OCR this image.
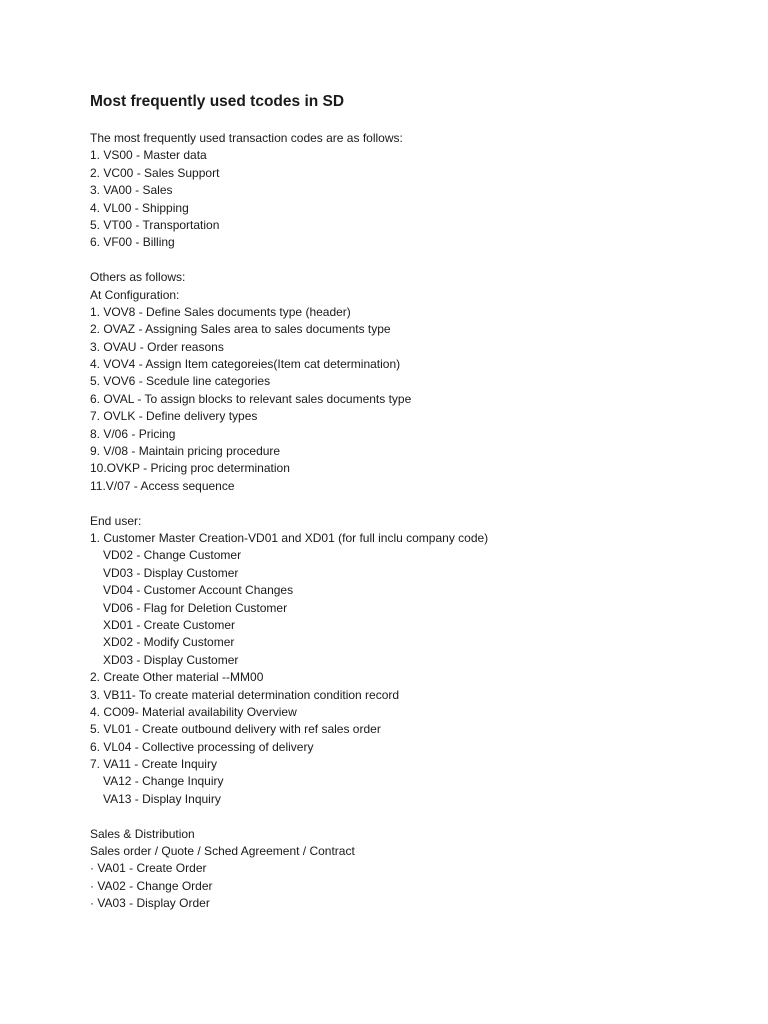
Most frequently used tcodes in SD
The most frequently used transaction codes are as follows:
1. VS00 - Master data
2. VC00 - Sales Support
3. VA00 - Sales
4. VL00 - Shipping
5. VT00 - Transportation
6. VF00 - Billing
Others as follows:
At Configuration:
1. VOV8 - Define Sales documents type (header)
2. OVAZ - Assigning Sales area to sales documents type
3. OVAU - Order reasons
4. VOV4 - Assign Item categoreies(Item cat determination)
5. VOV6 - Scedule line categories
6. OVAL - To assign blocks to relevant sales documents type
7. OVLK - Define delivery types
8. V/06 - Pricing
9. V/08 - Maintain pricing procedure
10.OVKP - Pricing proc determination
11.V/07 - Access sequence
End user:
1. Customer Master Creation-VD01 and XD01 (for full inclu company code)
VD02 - Change Customer
VD03 - Display Customer
VD04 - Customer Account Changes
VD06 - Flag for Deletion Customer
XD01 - Create Customer
XD02 - Modify Customer
XD03 - Display Customer
2. Create Other material --MM00
3. VB11- To create material determination condition record
4. CO09- Material availability Overview
5. VL01 - Create outbound delivery with ref sales order
6. VL04 - Collective processing of delivery
7. VA11 - Create Inquiry
VA12 - Change Inquiry
VA13 - Display Inquiry
Sales & Distribution
Sales order / Quote / Sched Agreement / Contract
· VA01 - Create Order
· VA02 - Change Order
· VA03 - Display Order
